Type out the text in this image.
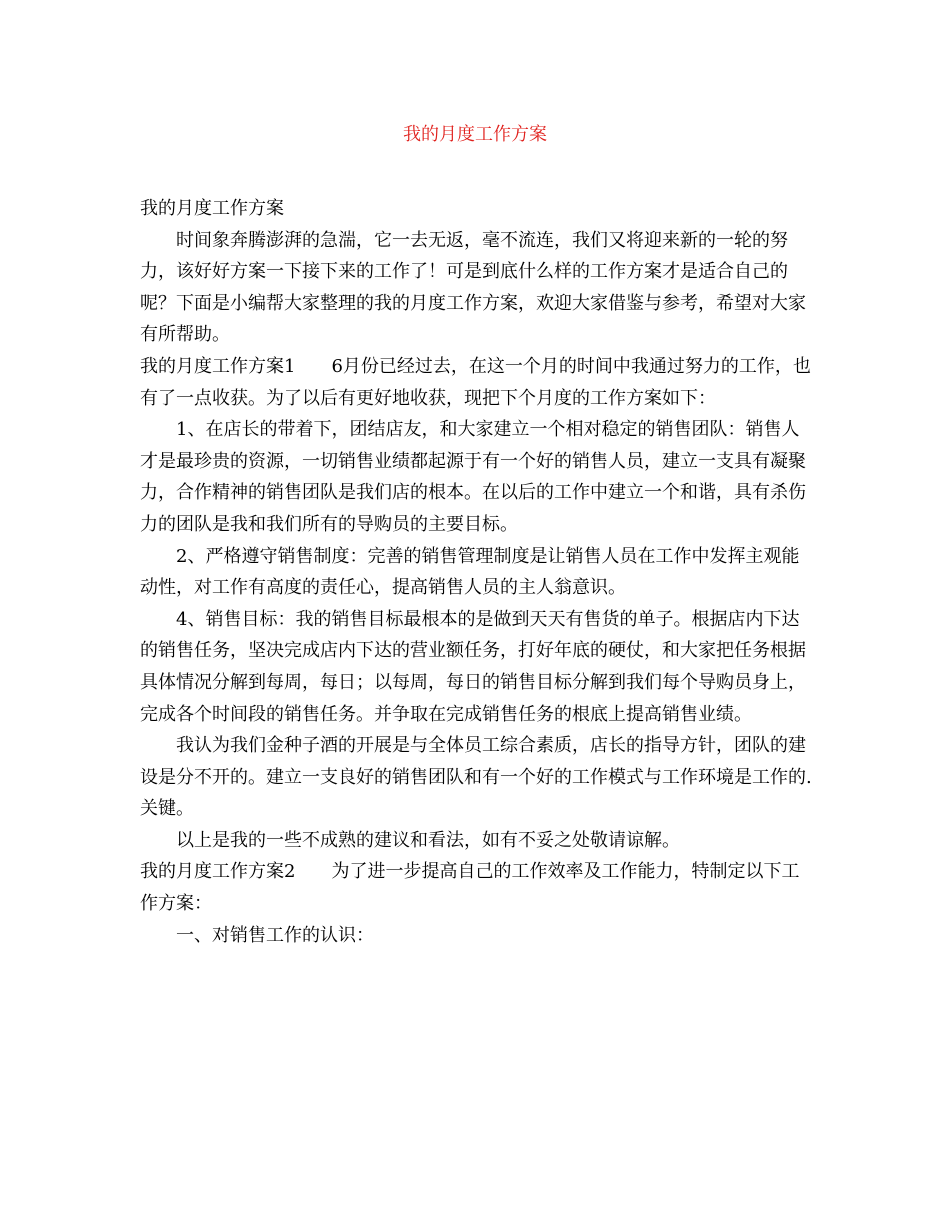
我的月度工作方案

我的月度工作方案

时间象奔腾澎湃的急湍，它一去无返，毫不流连，我们又将迎来新的一轮的努力，该好好方案一下接下来的工作了！可是到底什么样的工作方案才是适合自己的呢？下面是小编帮大家整理的我的月度工作方案，欢迎大家借鉴与参考，希望对大家有所帮助。

我的月度工作方案1 6月份已经过去，在这一个月的时间中我通过努力的工作，也有了一点收获。为了以后有更好地收获，现把下个月度的工作方案如下：

1、在店长的带着下，团结店友，和大家建立一个相对稳定的销售团队：销售人才是最珍贵的资源，一切销售业绩都起源于有一个好的销售人员，建立一支具有凝聚力，合作精神的销售团队是我们店的根本。在以后的工作中建立一个和谐，具有杀伤力的团队是我和我们所有的导购员的主要目标。

2、严格遵守销售制度：完善的销售管理制度是让销售人员在工作中发挥主观能动性，对工作有高度的责任心，提高销售人员的主人翁意识。

4、销售目标：我的销售目标最根本的是做到天天有售货的单子。根据店内下达的销售任务，坚决完成店内下达的营业额任务，打好年底的硬仗，和大家把任务根据具体情况分解到每周，每日；以每周，每日的销售目标分解到我们每个导购员身上，完成各个时间段的销售任务。并争取在完成销售任务的根底上提高销售业绩。

我认为我们金种子酒的开展是与全体员工综合素质，店长的指导方针，团队的建设是分不开的。建立一支良好的销售团队和有一个好的工作模式与工作环境是工作的.关键。

以上是我的一些不成熟的建议和看法，如有不妥之处敬请谅解。

我的月度工作方案2 为了进一步提高自己的工作效率及工作能力，特制定以下工作方案：

一、对销售工作的认识：
